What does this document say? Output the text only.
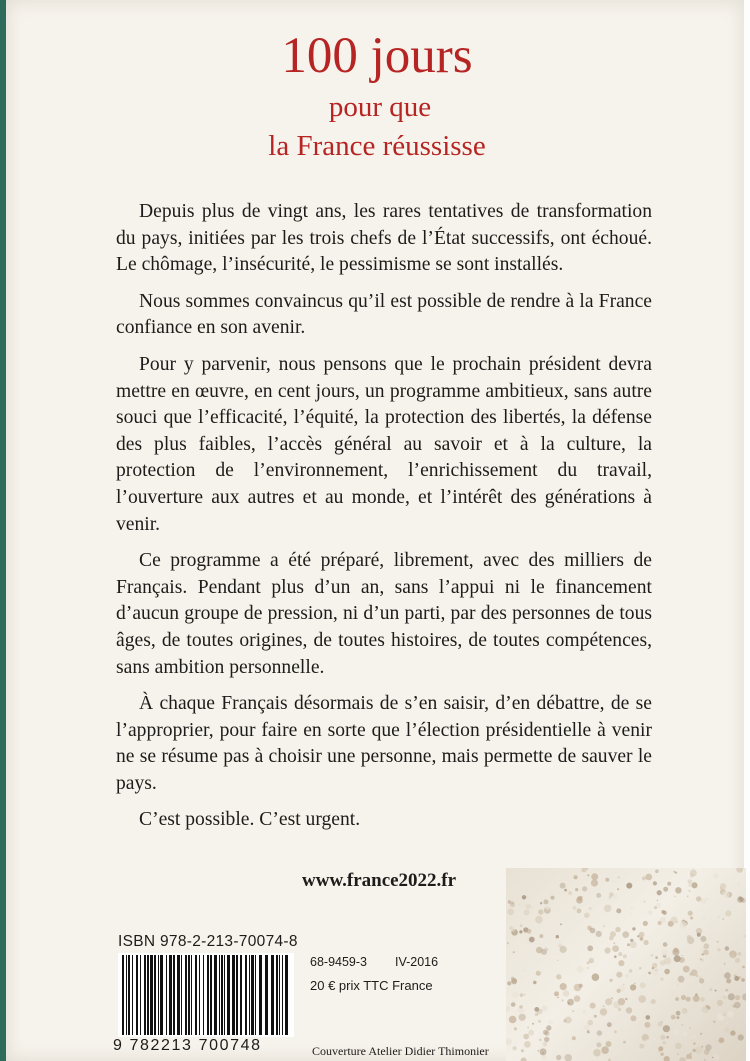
100 jours
pour que
la France réussisse

Depuis plus de vingt ans, les rares tentatives de transformation du pays, initiées par les trois chefs de l’État successifs, ont échoué. Le chômage, l’insécurité, le pessimisme se sont installés.

Nous sommes convaincus qu’il est possible de rendre à la France confiance en son avenir.

Pour y parvenir, nous pensons que le prochain président devra mettre en œuvre, en cent jours, un programme ambitieux, sans autre souci que l’efficacité, l’équité, la protection des libertés, la défense des plus faibles, l’accès général au savoir et à la culture, la protection de l’environnement, l’enrichissement du travail, l’ouverture aux autres et au monde, et l’intérêt des générations à venir.

Ce programme a été préparé, librement, avec des milliers de Français. Pendant plus d’un an, sans l’appui ni le financement d’aucun groupe de pression, ni d’un parti, par des personnes de tous âges, de toutes origines, de toutes histoires, de toutes compétences, sans ambition personnelle.

À chaque Français désormais de s’en saisir, d’en débattre, de se l’approprier, pour faire en sorte que l’élection présidentielle à venir ne se résume pas à choisir une personne, mais permette de sauver le pays.

C’est possible. C’est urgent.

www.france2022.fr
ISBN 978-2-213-70074-8
9 782213 700748
68-9459-3 IV-2016
20 € prix TTC France
Couverture Atelier Didier Thimonier
